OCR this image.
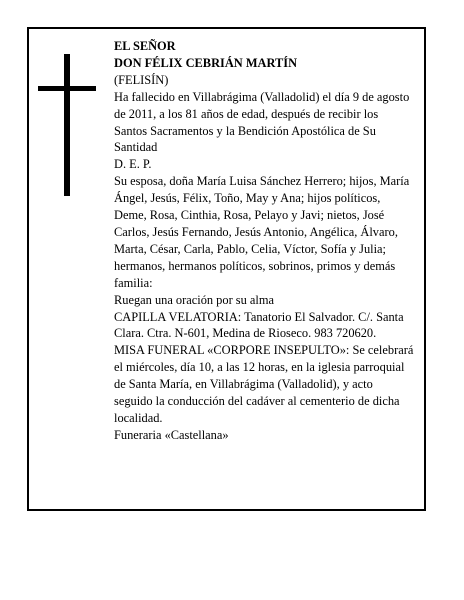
EL SEÑOR

DON FÉLIX CEBRIÁN MARTÍN

(FELISÍN)

Ha fallecido en Villabrágima (Valladolid) el día 9 de agosto de 2011, a los 81 años de edad, después de recibir los Santos Sacramentos y la Bendición Apostólica de Su Santidad

D. E. P.

Su esposa, doña María Luisa Sánchez Herrero; hijos, María Ángel, Jesús, Félix, Toño, May y Ana; hijos políticos, Deme, Rosa, Cinthia, Rosa, Pelayo y Javi; nietos, José Carlos, Jesús Fernando, Jesús Antonio, Angélica, Álvaro, Marta, César, Carla, Pablo, Celia, Víctor, Sofía y Julia; hermanos, hermanos políticos, sobrinos, primos y demás familia:

Ruegan una oración por su alma

CAPILLA VELATORIA: Tanatorio El Salvador. C/. Santa Clara. Ctra. N-601, Medina de Rioseco. 983 720620.

MISA FUNERAL «CORPORE INSEPULTO»: Se celebrará el miércoles, día 10, a las 12 horas, en la iglesia parroquial de Santa María, en Villabrágima (Valladolid), y acto seguido la conducción del cadáver al cementerio de dicha localidad.

Funeraria «Castellana»
